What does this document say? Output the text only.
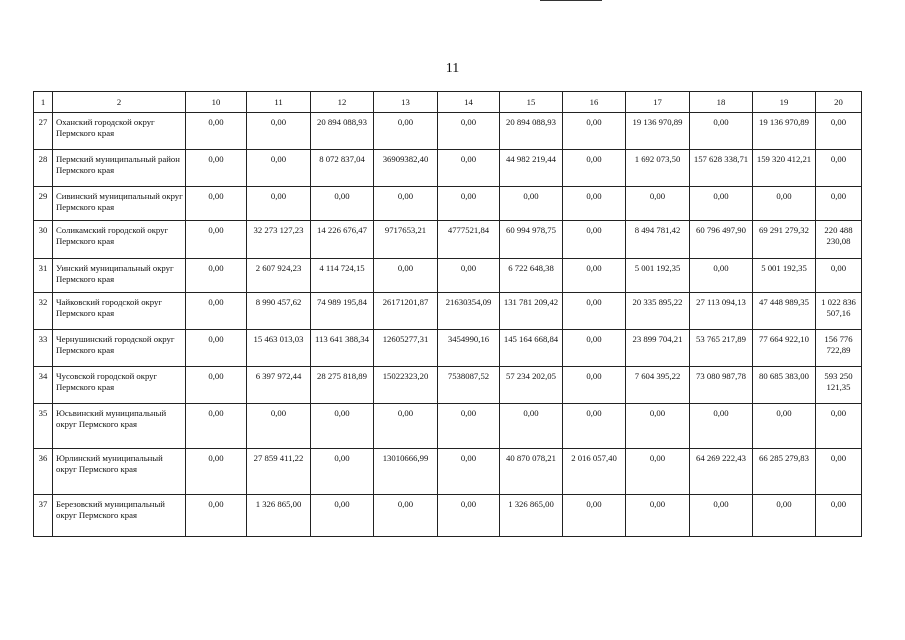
11
1	2	10	11	12	13	14	15	16	17	18	19	20

27	Оханский городской округ Пермского края	0,00	0,00	20 894 088,93	0,00	0,00	20 894 088,93	0,00	19 136 970,89	0,00	19 136 970,89	0,00

28	Пермский муниципальный район Пермского края	0,00	0,00	8 072 837,04	36909382,40	0,00	44 982 219,44	0,00	1 692 073,50	157 628 338,71	159 320 412,21	0,00

29	Сивинский муниципальный округ Пермского края	0,00	0,00	0,00	0,00	0,00	0,00	0,00	0,00	0,00	0,00	0,00

30	Соликамский городской округ Пермского края	0,00	32 273 127,23	14 226 676,47	9717653,21	4777521,84	60 994 978,75	0,00	8 494 781,42	60 796 497,90	69 291 279,32	220 488 230,08

31	Уинский муниципальный округ Пермского края	0,00	2 607 924,23	4 114 724,15	0,00	0,00	6 722 648,38	0,00	5 001 192,35	0,00	5 001 192,35	0,00

32	Чайковский городской округ Пермского края	0,00	8 990 457,62	74 989 195,84	26171201,87	21630354,09	131 781 209,42	0,00	20 335 895,22	27 113 094,13	47 448 989,35	1 022 836 507,16

33	Чернушинский городской округ Пермского края	0,00	15 463 013,03	113 641 388,34	12605277,31	3454990,16	145 164 668,84	0,00	23 899 704,21	53 765 217,89	77 664 922,10	156 776 722,89

34	Чусовской городской округ Пермского края	0,00	6 397 972,44	28 275 818,89	15022323,20	7538087,52	57 234 202,05	0,00	7 604 395,22	73 080 987,78	80 685 383,00	593 250 121,35

35	Юсьвинский муниципальный округ Пермского края	0,00	0,00	0,00	0,00	0,00	0,00	0,00	0,00	0,00	0,00	0,00

36	Юрлинский муниципальный округ Пермского края	0,00	27 859 411,22	0,00	13010666,99	0,00	40 870 078,21	2 016 057,40	0,00	64 269 222,43	66 285 279,83	0,00

37	Березовский муниципальный округ Пермского края	0,00	1 326 865,00	0,00	0,00	0,00	1 326 865,00	0,00	0,00	0,00	0,00	0,00
